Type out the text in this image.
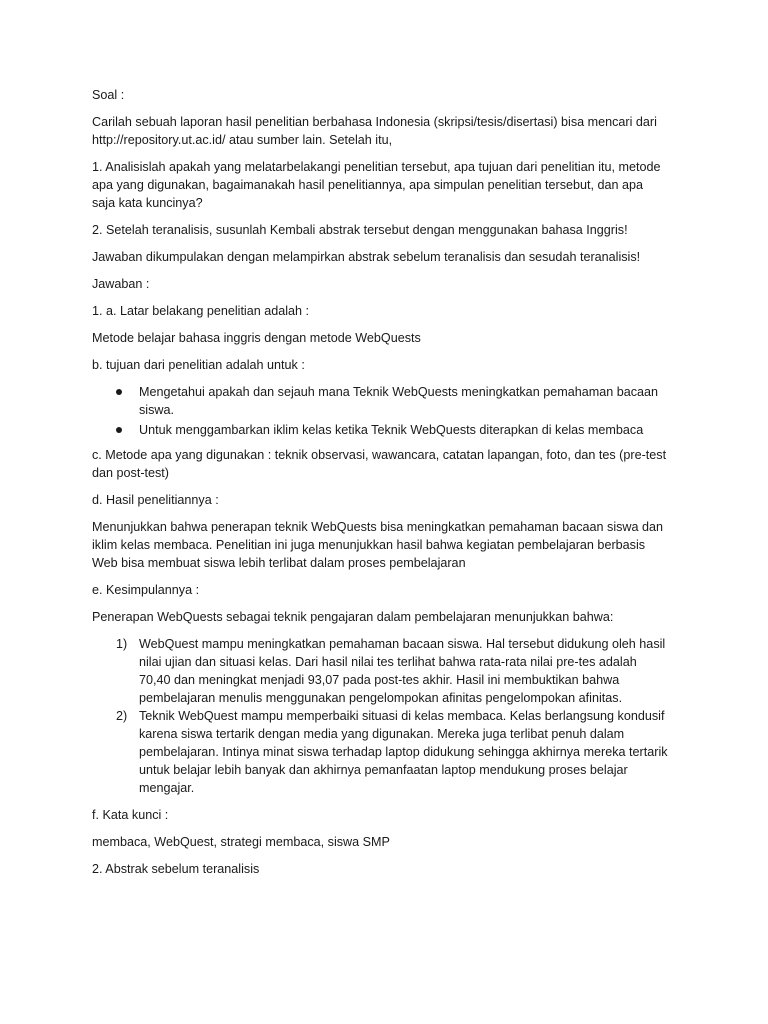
Soal :

Carilah sebuah laporan hasil penelitian berbahasa Indonesia (skripsi/tesis/disertasi) bisa mencari dari http://repository.ut.ac.id/ atau sumber lain. Setelah itu,

1. Analisislah apakah yang melatarbelakangi penelitian tersebut, apa tujuan dari penelitian itu, metode apa yang digunakan, bagaimanakah hasil penelitiannya, apa simpulan penelitian tersebut, dan apa saja kata kuncinya?

2. Setelah teranalisis, susunlah Kembali abstrak tersebut dengan menggunakan bahasa Inggris!

Jawaban dikumpulakan dengan melampirkan abstrak sebelum teranalisis dan sesudah teranalisis!

Jawaban :

1. a. Latar belakang penelitian adalah :

Metode belajar bahasa inggris dengan metode WebQuests

b. tujuan dari penelitian adalah untuk :

Mengetahui apakah dan sejauh mana Teknik WebQuests meningkatkan pemahaman bacaan siswa.
Untuk menggambarkan iklim kelas ketika Teknik WebQuests diterapkan di kelas membaca

c. Metode apa yang digunakan : teknik observasi, wawancara, catatan lapangan, foto, dan tes (pre-test dan post-test)

d. Hasil penelitiannya :

Menunjukkan bahwa penerapan teknik WebQuests bisa meningkatkan pemahaman bacaan siswa dan iklim kelas membaca. Penelitian ini juga menunjukkan hasil bahwa kegiatan pembelajaran berbasis Web bisa membuat siswa lebih terlibat dalam proses pembelajaran

e. Kesimpulannya :

Penerapan WebQuests sebagai teknik pengajaran dalam pembelajaran menunjukkan bahwa:

1) WebQuest mampu meningkatkan pemahaman bacaan siswa. Hal tersebut didukung oleh hasil nilai ujian dan situasi kelas. Dari hasil nilai tes terlihat bahwa rata-rata nilai pre-tes adalah 70,40 dan meningkat menjadi 93,07 pada post-tes akhir. Hasil ini membuktikan bahwa pembelajaran menulis menggunakan pengelompokan afinitas pengelompokan afinitas.
2) Teknik WebQuest mampu memperbaiki situasi di kelas membaca. Kelas berlangsung kondusif karena siswa tertarik dengan media yang digunakan. Mereka juga terlibat penuh dalam pembelajaran. Intinya minat siswa terhadap laptop didukung sehingga akhirnya mereka tertarik untuk belajar lebih banyak dan akhirnya pemanfaatan laptop mendukung proses belajar mengajar.

f. Kata kunci :

membaca, WebQuest, strategi membaca, siswa SMP

2. Abstrak sebelum teranalisis
